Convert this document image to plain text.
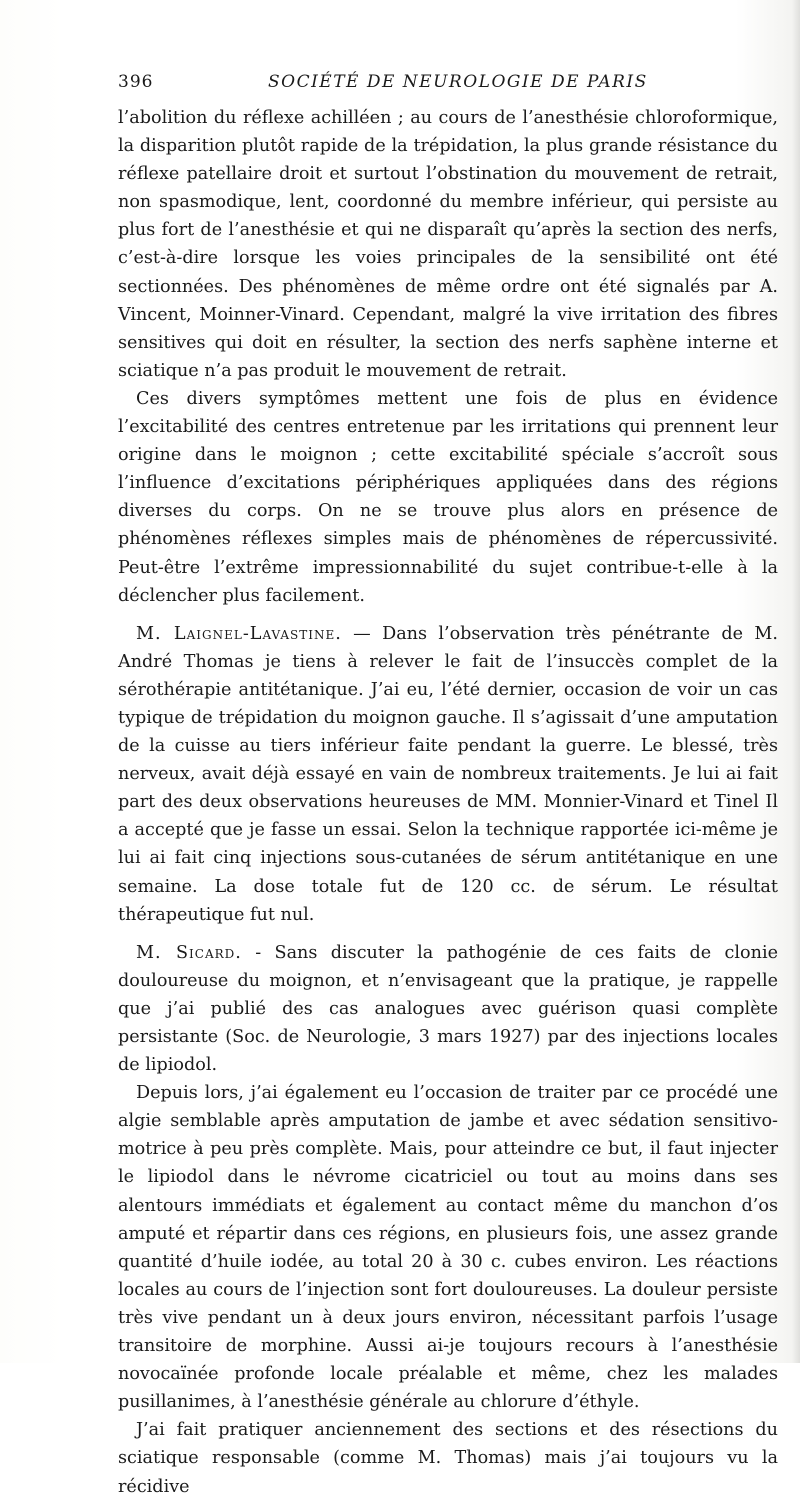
396	SOCIÉTÉ DE NEUROLOGIE DE PARIS

l’abolition du réflexe achilléen ; au cours de l’anesthésie chloroformique, la disparition plutôt rapide de la trépidation, la plus grande résistance du réflexe patellaire droit et surtout l’obstination du mouvement de retrait, non spasmodique, lent, coordonné du membre inférieur, qui persiste au plus fort de l’anesthésie et qui ne disparaît qu’après la section des nerfs, c’est-à-dire lorsque les voies principales de la sensibilité ont été sectionnées. Des phénomènes de même ordre ont été signalés par A. Vincent, Moinner-Vinard. Cependant, malgré la vive irritation des fibres sensitives qui doit en résulter, la section des nerfs saphène interne et sciatique n’a pas produit le mouvement de retrait.

Ces divers symptômes mettent une fois de plus en évidence l’excitabilité des centres entretenue par les irritations qui prennent leur origine dans le moignon ; cette excitabilité spéciale s’accroît sous l’influence d’excitations périphériques appliquées dans des régions diverses du corps. On ne se trouve plus alors en présence de phénomènes réflexes simples mais de phénomènes de répercussivité. Peut-être l’extrême impressionnabilité du sujet contribue-t-elle à la déclencher plus facilement.

M. Laignel-Lavastine. — Dans l’observation très pénétrante de M. André Thomas je tiens à relever le fait de l’insuccès complet de la sérothérapie antitétanique. J’ai eu, l’été dernier, occasion de voir un cas typique de trépidation du moignon gauche. Il s’agissait d’une amputation de la cuisse au tiers inférieur faite pendant la guerre. Le blessé, très nerveux, avait déjà essayé en vain de nombreux traitements. Je lui ai fait part des deux observations heureuses de MM. Monnier-Vinard et Tinel Il a accepté que je fasse un essai. Selon la technique rapportée ici-même je lui ai fait cinq injections sous-cutanées de sérum antitétanique en une semaine. La dose totale fut de 120 cc. de sérum. Le résultat thérapeutique fut nul.

M. Sicard. - Sans discuter la pathogénie de ces faits de clonie douloureuse du moignon, et n’envisageant que la pratique, je rappelle que j’ai publié des cas analogues avec guérison quasi complète persistante (Soc. de Neurologie, 3 mars 1927) par des injections locales de lipiodol.

Depuis lors, j’ai également eu l’occasion de traiter par ce procédé une algie semblable après amputation de jambe et avec sédation sensitivo-motrice à peu près complète. Mais, pour atteindre ce but, il faut injecter le lipiodol dans le névrome cicatriciel ou tout au moins dans ses alentours immédiats et également au contact même du manchon d’os amputé et répartir dans ces régions, en plusieurs fois, une assez grande quantité d’huile iodée, au total 20 à 30 c. cubes environ. Les réactions locales au cours de l’injection sont fort douloureuses. La douleur persiste très vive pendant un à deux jours environ, nécessitant parfois l’usage transitoire de morphine. Aussi ai-je toujours recours à l’anesthésie novocaïnée profonde locale préalable et même, chez les malades pusillanimes, à l’anesthésie générale au chlorure d’éthyle.

J’ai fait pratiquer anciennement des sections et des résections du sciatique responsable (comme M. Thomas) mais j’ai toujours vu la récidive
